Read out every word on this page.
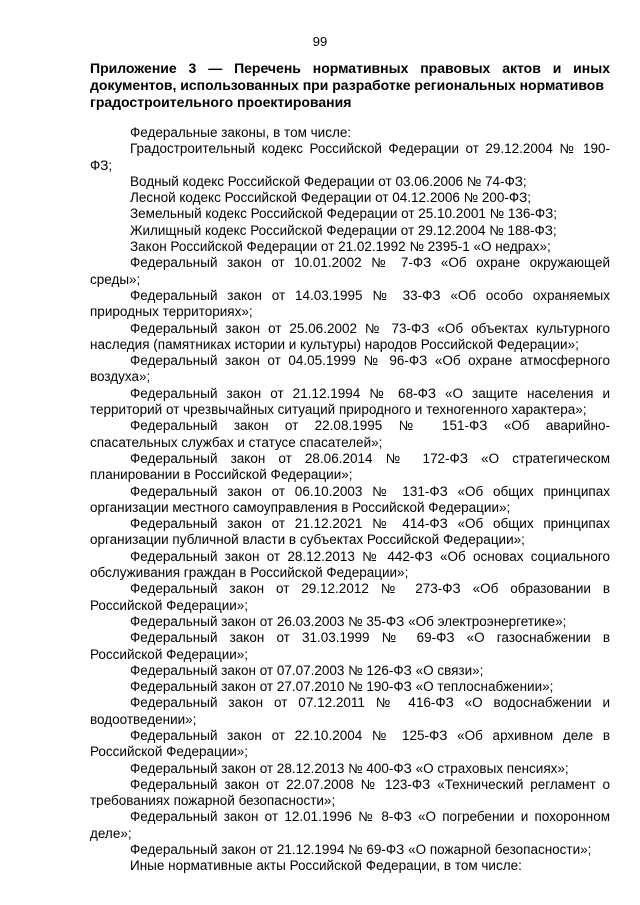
99
Приложение 3 — Перечень нормативных правовых актов и иных
документов, использованных при разработке региональных нормативов
градостроительного проектирования
Федеральные законы, в том числе:
Градостроительный кодекс Российской Федерации от 29.12.2004 № 190-
ФЗ;
Водный кодекс Российской Федерации от 03.06.2006 № 74-ФЗ;
Лесной кодекс Российской Федерации от 04.12.2006 № 200-ФЗ;
Земельный кодекс Российской Федерации от 25.10.2001 № 136-ФЗ;
Жилищный кодекс Российской Федерации от 29.12.2004 № 188-ФЗ;
Закон Российской Федерации от 21.02.1992 № 2395-1 «О недрах»;
Федеральный закон от 10.01.2002 № 7-ФЗ «Об охране окружающей
среды»;
Федеральный закон от 14.03.1995 № 33-ФЗ «Об особо охраняемых
природных территориях»;
Федеральный закон от 25.06.2002 № 73-ФЗ «Об объектах культурного
наследия (памятниках истории и культуры) народов Российской Федерации»;
Федеральный закон от 04.05.1999 № 96-ФЗ «Об охране атмосферного
воздуха»;
Федеральный закон от 21.12.1994 № 68-ФЗ «О защите населения и
территорий от чрезвычайных ситуаций природного и техногенного характера»;
Федеральный закон от 22.08.1995 № 151-ФЗ «Об аварийно-
спасательных службах и статусе спасателей»;
Федеральный закон от 28.06.2014 № 172-ФЗ «О стратегическом
планировании в Российской Федерации»;
Федеральный закон от 06.10.2003 № 131-ФЗ «Об общих принципах
организации местного самоуправления в Российской Федерации»;
Федеральный закон от 21.12.2021 № 414-ФЗ «Об общих принципах
организации публичной власти в субъектах Российской Федерации»;
Федеральный закон от 28.12.2013 № 442-ФЗ «Об основах социального
обслуживания граждан в Российской Федерации»;
Федеральный закон от 29.12.2012 № 273-ФЗ «Об образовании в
Российской Федерации»;
Федеральный закон от 26.03.2003 № 35-ФЗ «Об электроэнергетике»;
Федеральный закон от 31.03.1999 № 69-ФЗ «О газоснабжении в
Российской Федерации»;
Федеральный закон от 07.07.2003 № 126-ФЗ «О связи»;
Федеральный закон от 27.07.2010 № 190-ФЗ «О теплоснабжении»;
Федеральный закон от 07.12.2011 № 416-ФЗ «О водоснабжении и
водоотведении»;
Федеральный закон от 22.10.2004 № 125-ФЗ «Об архивном деле в
Российской Федерации»;
Федеральный закон от 28.12.2013 № 400-ФЗ «О страховых пенсиях»;
Федеральный закон от 22.07.2008 № 123-ФЗ «Технический регламент о
требованиях пожарной безопасности»;
Федеральный закон от 12.01.1996 № 8-ФЗ «О погребении и похоронном
деле»;
Федеральный закон от 21.12.1994 № 69-ФЗ «О пожарной безопасности»;
Иные нормативные акты Российской Федерации, в том числе:
